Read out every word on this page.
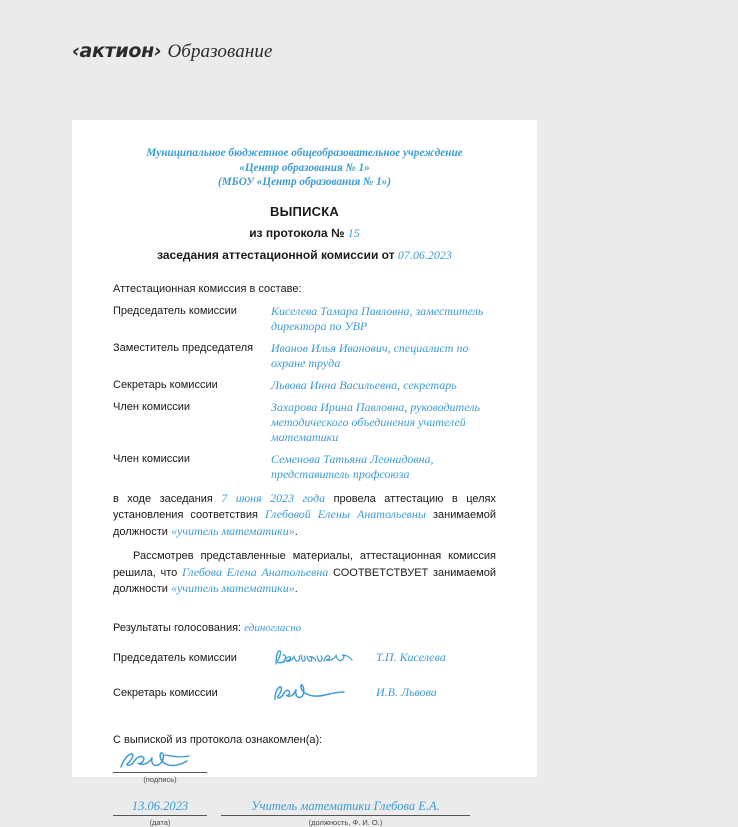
‹актион› Образование
Муниципальное бюджетное общеобразовательное учреждение
«Центр образования № 1»
(МБОУ «Центр образования № 1»)
ВЫПИСКА
из протокола № 15
заседания аттестационной комиссии от 07.06.2023
Аттестационная комиссия в составе:
Председатель комиссии	Киселева Тамара Павловна, заместитель директора по УВР
Заместитель председателя	Иванов Илья Иванович, специалист по охране труда
Секретарь комиссии	Львова Инна Васильевна, секретарь
Член комиссии	Захарова Ирина Павловна, руководитель методического объединения учителей математики
Член комиссии	Семенова Татьяна Леонидовна, представитель профсоюза
в ходе заседания 7 июня 2023 года провела аттестацию в целях установления соответствия Глебовой Елены Анатольевны занимаемой должности «учитель математики».
Рассмотрев представленные материалы, аттестационная комиссия решила, что Глебова Елена Анатольевна СООТВЕТСТВУЕТ занимаемой должности «учитель математики».
Результаты голосования: единогласно
Председатель комиссии	Т.П. Киселева
Секретарь комиссии	И.В. Львова
С выпиской из протокола ознакомлен(а):
(подпись)
13.06.2023
(дата)
Учитель математики Глебова Е.А.
(должность, Ф. И. О.)
